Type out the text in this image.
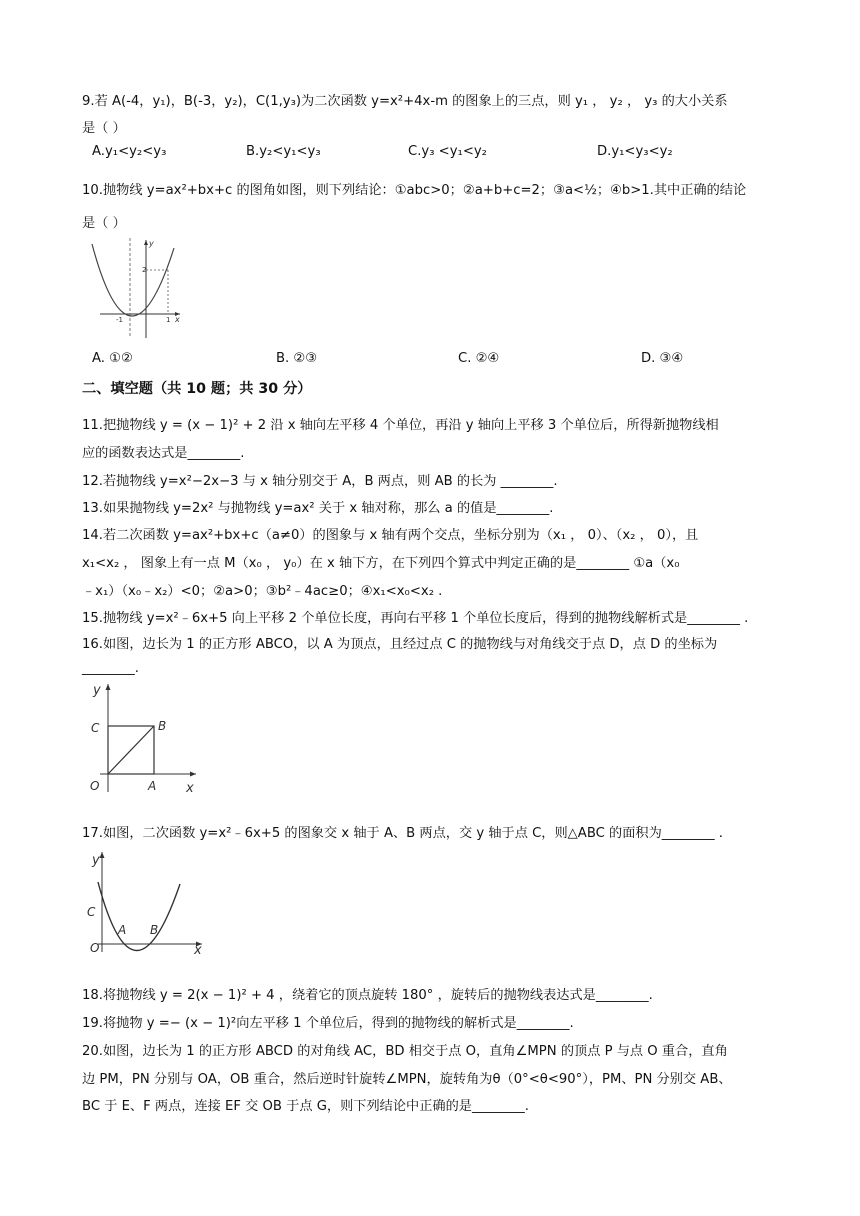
9.若 A(-4，y₁)，B(-3，y₂)，C(1,y₃)为二次函数 y=x²+4x-m 的图象上的三点，则 y₁ ， y₂ ， y₃ 的大小关系
是（ ）
A.y₁<y₂<y₃	B.y₂<y₁<y₃	C.y₃ <y₁<y₂	D.y₁<y₃<y₂
10.抛物线 y=ax²+bx+c 的图角如图，则下列结论：①abc>0；②a+b+c=2；③a<½；④b>1.其中正确的结论
是（ ）
y
2
-1	1 x
A. ①②	B. ②③	C. ②④	D. ③④
二、填空题（共 10 题；共 30 分）
11.把抛物线 y = (x − 1)² + 2 沿 x 轴向左平移 4 个单位，再沿 y 轴向上平移 3 个单位后，所得新抛物线相
应的函数表达式是________.
12.若抛物线 y=x²−2x−3 与 x 轴分别交于 A，B 两点，则 AB 的长为 ________.
13.如果抛物线 y=2x² 与抛物线 y=ax² 关于 x 轴对称，那么 a 的值是________.
14.若二次函数 y=ax²+bx+c（a≠0）的图象与 x 轴有两个交点，坐标分别为（x₁ ， 0）、（x₂ ， 0），且
x₁<x₂ ， 图象上有一点 M（x₀ ， y₀）在 x 轴下方，在下列四个算式中判定正确的是________ ①a（x₀
﹣x₁）（x₀﹣x₂）<0；②a>0；③b²﹣4ac≥0；④x₁<x₀<x₂ .
15.抛物线 y=x²﹣6x+5 向上平移 2 个单位长度，再向右平移 1 个单位长度后，得到的抛物线解析式是________ .
16.如图，边长为 1 的正方形 ABCO，以 A 为顶点，且经过点 C 的抛物线与对角线交于点 D，点 D 的坐标为
________.
y
C	B
O	A x
17.如图，二次函数 y=x²﹣6x+5 的图象交 x 轴于 A、B 两点，交 y 轴于点 C，则△ABC 的面积为________ .
y
C
O
A B
x
18.将抛物线 y = 2(x − 1)² + 4 ，绕着它的顶点旋转 180° ，旋转后的抛物线表达式是________.
19.将抛物 y =− (x − 1)²向左平移 1 个单位后，得到的抛物线的解析式是________.
20.如图，边长为 1 的正方形 ABCD 的对角线 AC，BD 相交于点 O，直角∠MPN 的顶点 P 与点 O 重合，直角
边 PM，PN 分别与 OA，OB 重合，然后逆时针旋转∠MPN，旋转角为θ（0°<θ<90°），PM、PN 分别交 AB、
BC 于 E、F 两点，连接 EF 交 OB 于点 G，则下列结论中正确的是________.
